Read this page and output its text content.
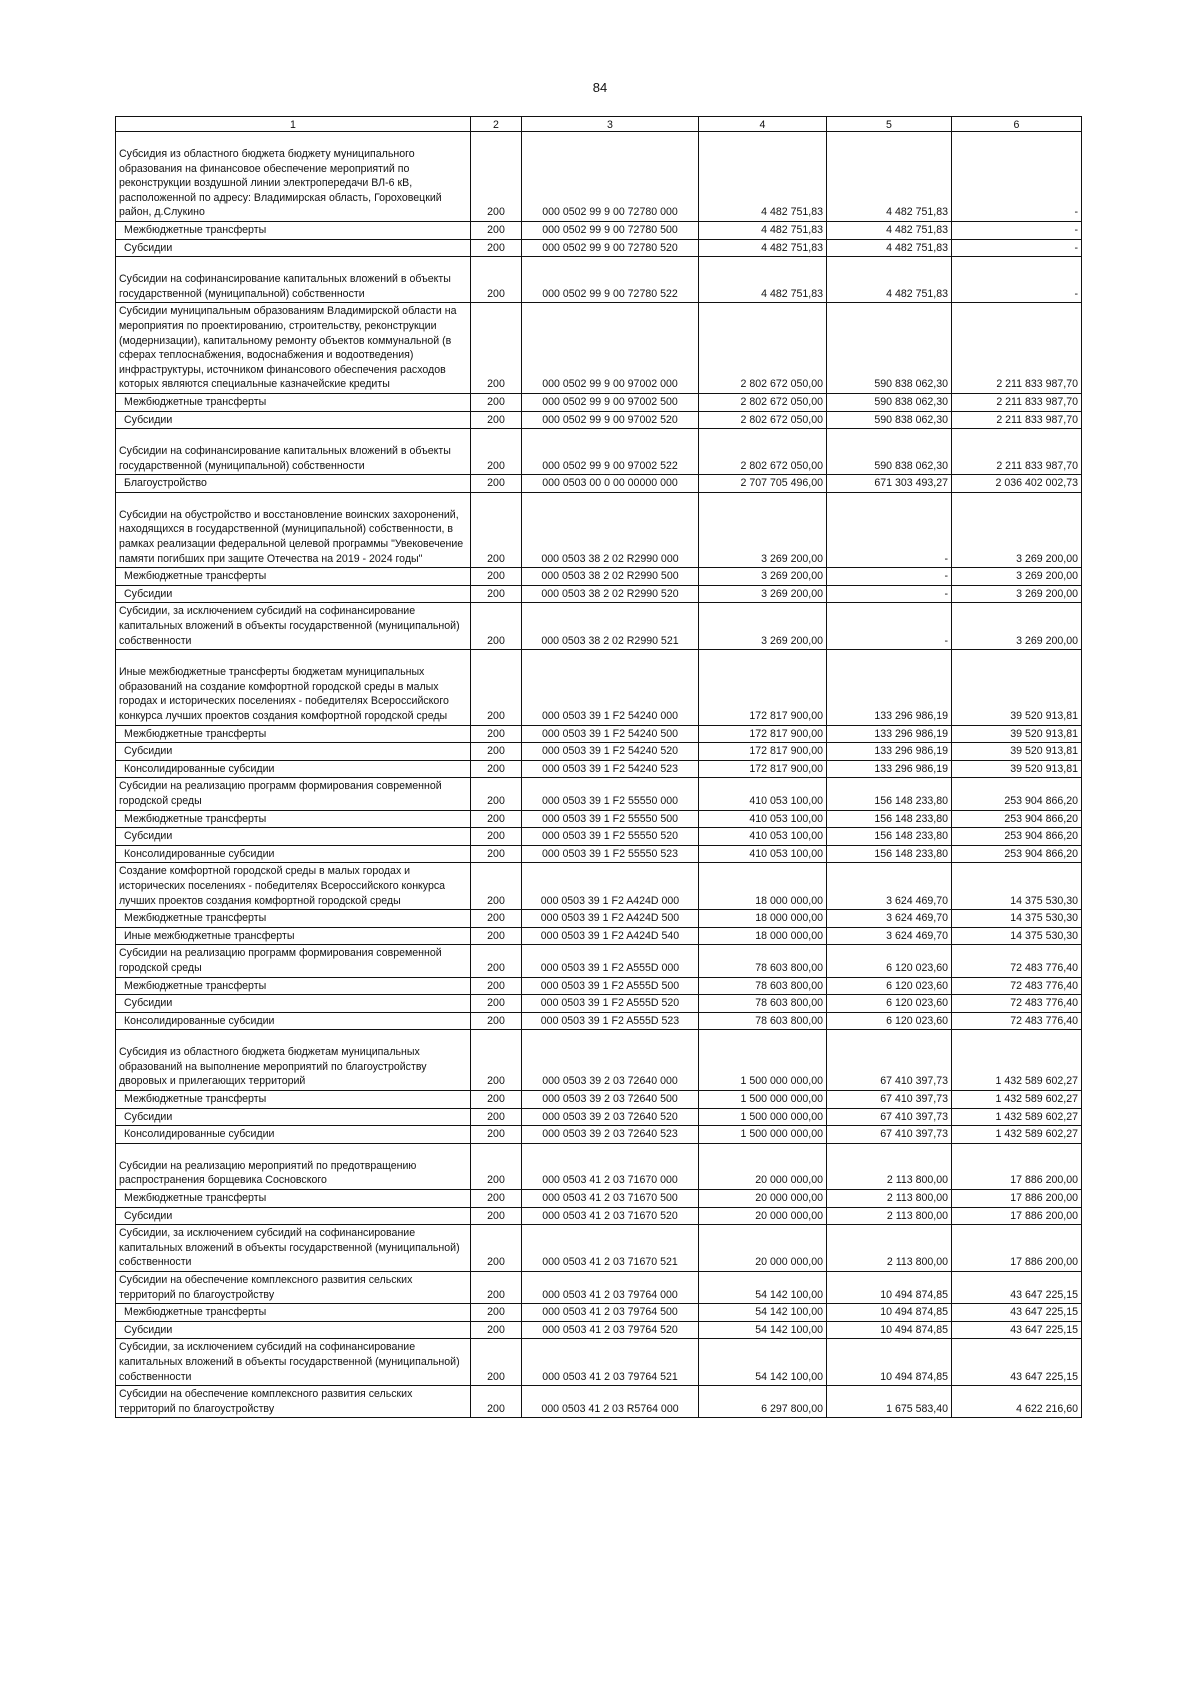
84
1	2	3	4	5	6

Субсидия из областного бюджета бюджету муниципального образования на финансовое обеспечение мероприятий по реконструкции воздушной линии электропередачи ВЛ-6 кВ, расположенной по адресу: Владимирская область, Гороховецкий район, д.Слукино	200	000 0502 99 9 00 72780 000	4 482 751,83	4 482 751,83	-
Межбюджетные трансферты	200	000 0502 99 9 00 72780 500	4 482 751,83	4 482 751,83	-
Субсидии	200	000 0502 99 9 00 72780 520	4 482 751,83	4 482 751,83	-

Субсидии на софинансирование капитальных вложений в объекты государственной (муниципальной) собственности	200	000 0502 99 9 00 72780 522	4 482 751,83	4 482 751,83	-
Субсидии муниципальным образованиям Владимирской области на мероприятия по проектированию, строительству, реконструкции (модернизации), капитальному ремонту объектов коммунальной (в сферах теплоснабжения, водоснабжения и водоотведения) инфраструктуры, источником финансового обеспечения расходов которых являются специальные казначейские кредиты	200	000 0502 99 9 00 97002 000	2 802 672 050,00	590 838 062,30	2 211 833 987,70
Межбюджетные трансферты	200	000 0502 99 9 00 97002 500	2 802 672 050,00	590 838 062,30	2 211 833 987,70
Субсидии	200	000 0502 99 9 00 97002 520	2 802 672 050,00	590 838 062,30	2 211 833 987,70

Субсидии на софинансирование капитальных вложений в объекты государственной (муниципальной) собственности	200	000 0502 99 9 00 97002 522	2 802 672 050,00	590 838 062,30	2 211 833 987,70
Благоустройство	200	000 0503 00 0 00 00000 000	2 707 705 496,00	671 303 493,27	2 036 402 002,73

Субсидии на обустройство и восстановление воинских захоронений, находящихся в государственной (муниципальной) собственности, в рамках реализации федеральной целевой программы "Увековечение памяти погибших при защите Отечества на 2019 - 2024 годы"	200	000 0503 38 2 02 R2990 000	3 269 200,00	-	3 269 200,00
Межбюджетные трансферты	200	000 0503 38 2 02 R2990 500	3 269 200,00	-	3 269 200,00
Субсидии	200	000 0503 38 2 02 R2990 520	3 269 200,00	-	3 269 200,00
Субсидии, за исключением субсидий на софинансирование капитальных вложений в объекты государственной (муниципальной) собственности	200	000 0503 38 2 02 R2990 521	3 269 200,00	-	3 269 200,00

Иные межбюджетные трансферты бюджетам муниципальных образований на создание комфортной городской среды в малых городах и исторических поселениях - победителях Всероссийского конкурса лучших проектов создания комфортной городской среды	200	000 0503 39 1 F2 54240 000	172 817 900,00	133 296 986,19	39 520 913,81
Межбюджетные трансферты	200	000 0503 39 1 F2 54240 500	172 817 900,00	133 296 986,19	39 520 913,81
Субсидии	200	000 0503 39 1 F2 54240 520	172 817 900,00	133 296 986,19	39 520 913,81
Консолидированные субсидии	200	000 0503 39 1 F2 54240 523	172 817 900,00	133 296 986,19	39 520 913,81
Субсидии на реализацию программ формирования современной городской среды	200	000 0503 39 1 F2 55550 000	410 053 100,00	156 148 233,80	253 904 866,20
Межбюджетные трансферты	200	000 0503 39 1 F2 55550 500	410 053 100,00	156 148 233,80	253 904 866,20
Субсидии	200	000 0503 39 1 F2 55550 520	410 053 100,00	156 148 233,80	253 904 866,20
Консолидированные субсидии	200	000 0503 39 1 F2 55550 523	410 053 100,00	156 148 233,80	253 904 866,20
Создание комфортной городской среды в малых городах и исторических поселениях - победителях Всероссийского конкурса лучших проектов создания комфортной городской среды	200	000 0503 39 1 F2 A424D 000	18 000 000,00	3 624 469,70	14 375 530,30
Межбюджетные трансферты	200	000 0503 39 1 F2 A424D 500	18 000 000,00	3 624 469,70	14 375 530,30
Иные межбюджетные трансферты	200	000 0503 39 1 F2 A424D 540	18 000 000,00	3 624 469,70	14 375 530,30
Субсидии на реализацию программ формирования современной городской среды	200	000 0503 39 1 F2 A555D 000	78 603 800,00	6 120 023,60	72 483 776,40
Межбюджетные трансферты	200	000 0503 39 1 F2 A555D 500	78 603 800,00	6 120 023,60	72 483 776,40
Субсидии	200	000 0503 39 1 F2 A555D 520	78 603 800,00	6 120 023,60	72 483 776,40
Консолидированные субсидии	200	000 0503 39 1 F2 A555D 523	78 603 800,00	6 120 023,60	72 483 776,40

Субсидия из областного бюджета бюджетам муниципальных образований на выполнение мероприятий по благоустройству дворовых и прилегающих территорий	200	000 0503 39 2 03 72640 000	1 500 000 000,00	67 410 397,73	1 432 589 602,27
Межбюджетные трансферты	200	000 0503 39 2 03 72640 500	1 500 000 000,00	67 410 397,73	1 432 589 602,27
Субсидии	200	000 0503 39 2 03 72640 520	1 500 000 000,00	67 410 397,73	1 432 589 602,27
Консолидированные субсидии	200	000 0503 39 2 03 72640 523	1 500 000 000,00	67 410 397,73	1 432 589 602,27

Субсидии на реализацию мероприятий по предотвращению распространения борщевика Сосновского	200	000 0503 41 2 03 71670 000	20 000 000,00	2 113 800,00	17 886 200,00
Межбюджетные трансферты	200	000 0503 41 2 03 71670 500	20 000 000,00	2 113 800,00	17 886 200,00
Субсидии	200	000 0503 41 2 03 71670 520	20 000 000,00	2 113 800,00	17 886 200,00
Субсидии, за исключением субсидий на софинансирование капитальных вложений в объекты государственной (муниципальной) собственности	200	000 0503 41 2 03 71670 521	20 000 000,00	2 113 800,00	17 886 200,00
Субсидии на обеспечение комплексного развития сельских территорий по благоустройству	200	000 0503 41 2 03 79764 000	54 142 100,00	10 494 874,85	43 647 225,15
Межбюджетные трансферты	200	000 0503 41 2 03 79764 500	54 142 100,00	10 494 874,85	43 647 225,15
Субсидии	200	000 0503 41 2 03 79764 520	54 142 100,00	10 494 874,85	43 647 225,15
Субсидии, за исключением субсидий на софинансирование капитальных вложений в объекты государственной (муниципальной) собственности	200	000 0503 41 2 03 79764 521	54 142 100,00	10 494 874,85	43 647 225,15
Субсидии на обеспечение комплексного развития сельских территорий по благоустройству	200	000 0503 41 2 03 R5764 000	6 297 800,00	1 675 583,40	4 622 216,60
